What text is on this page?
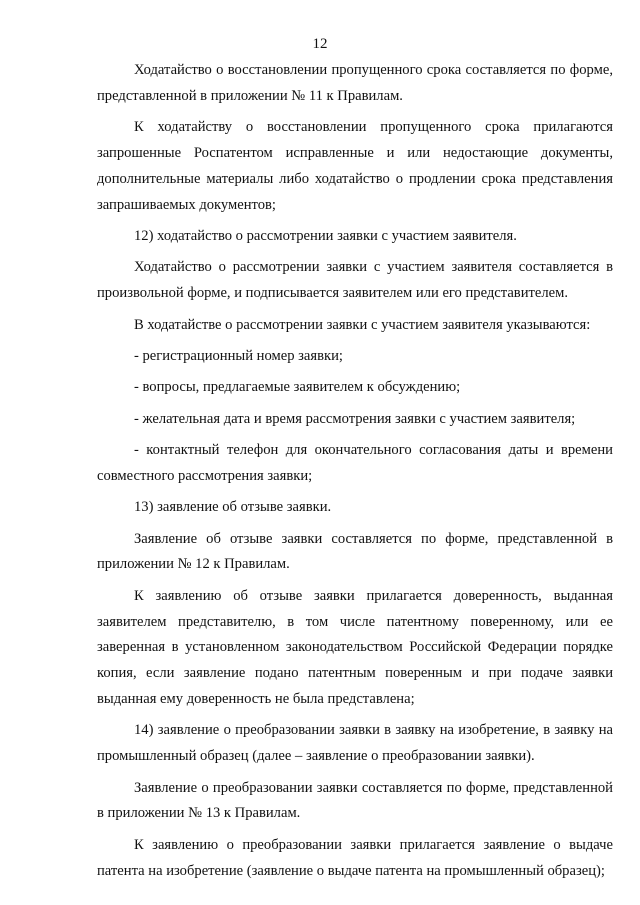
12

Ходатайство о восстановлении пропущенного срока составляется по форме, представленной в приложении № 11 к Правилам.

К ходатайству о восстановлении пропущенного срока прилагаются запрошенные Роспатентом исправленные и или недостающие документы, дополнительные материалы либо ходатайство о продлении срока представления запрашиваемых документов;

12) ходатайство о рассмотрении заявки с участием заявителя.

Ходатайство о рассмотрении заявки с участием заявителя составляется в произвольной форме, и подписывается заявителем или его представителем.

В ходатайстве о рассмотрении заявки с участием заявителя указываются:

- регистрационный номер заявки;

- вопросы, предлагаемые заявителем к обсуждению;

- желательная дата и время рассмотрения заявки с участием заявителя;

- контактный телефон для окончательного согласования даты и времени совместного рассмотрения заявки;

13) заявление об отзыве заявки.

Заявление об отзыве заявки составляется по форме, представленной в приложении № 12 к Правилам.

К заявлению об отзыве заявки прилагается доверенность, выданная заявителем представителю, в том числе патентному поверенному, или ее заверенная в установленном законодательством Российской Федерации порядке копия, если заявление подано патентным поверенным и при подаче заявки выданная ему доверенность не была представлена;

14) заявление о преобразовании заявки в заявку на изобретение, в заявку на промышленный образец (далее – заявление о преобразовании заявки).

Заявление о преобразовании заявки составляется по форме, представленной в приложении № 13 к Правилам.

К заявлению о преобразовании заявки прилагается заявление о выдаче патента на изобретение (заявление о выдаче патента на промышленный образец);
